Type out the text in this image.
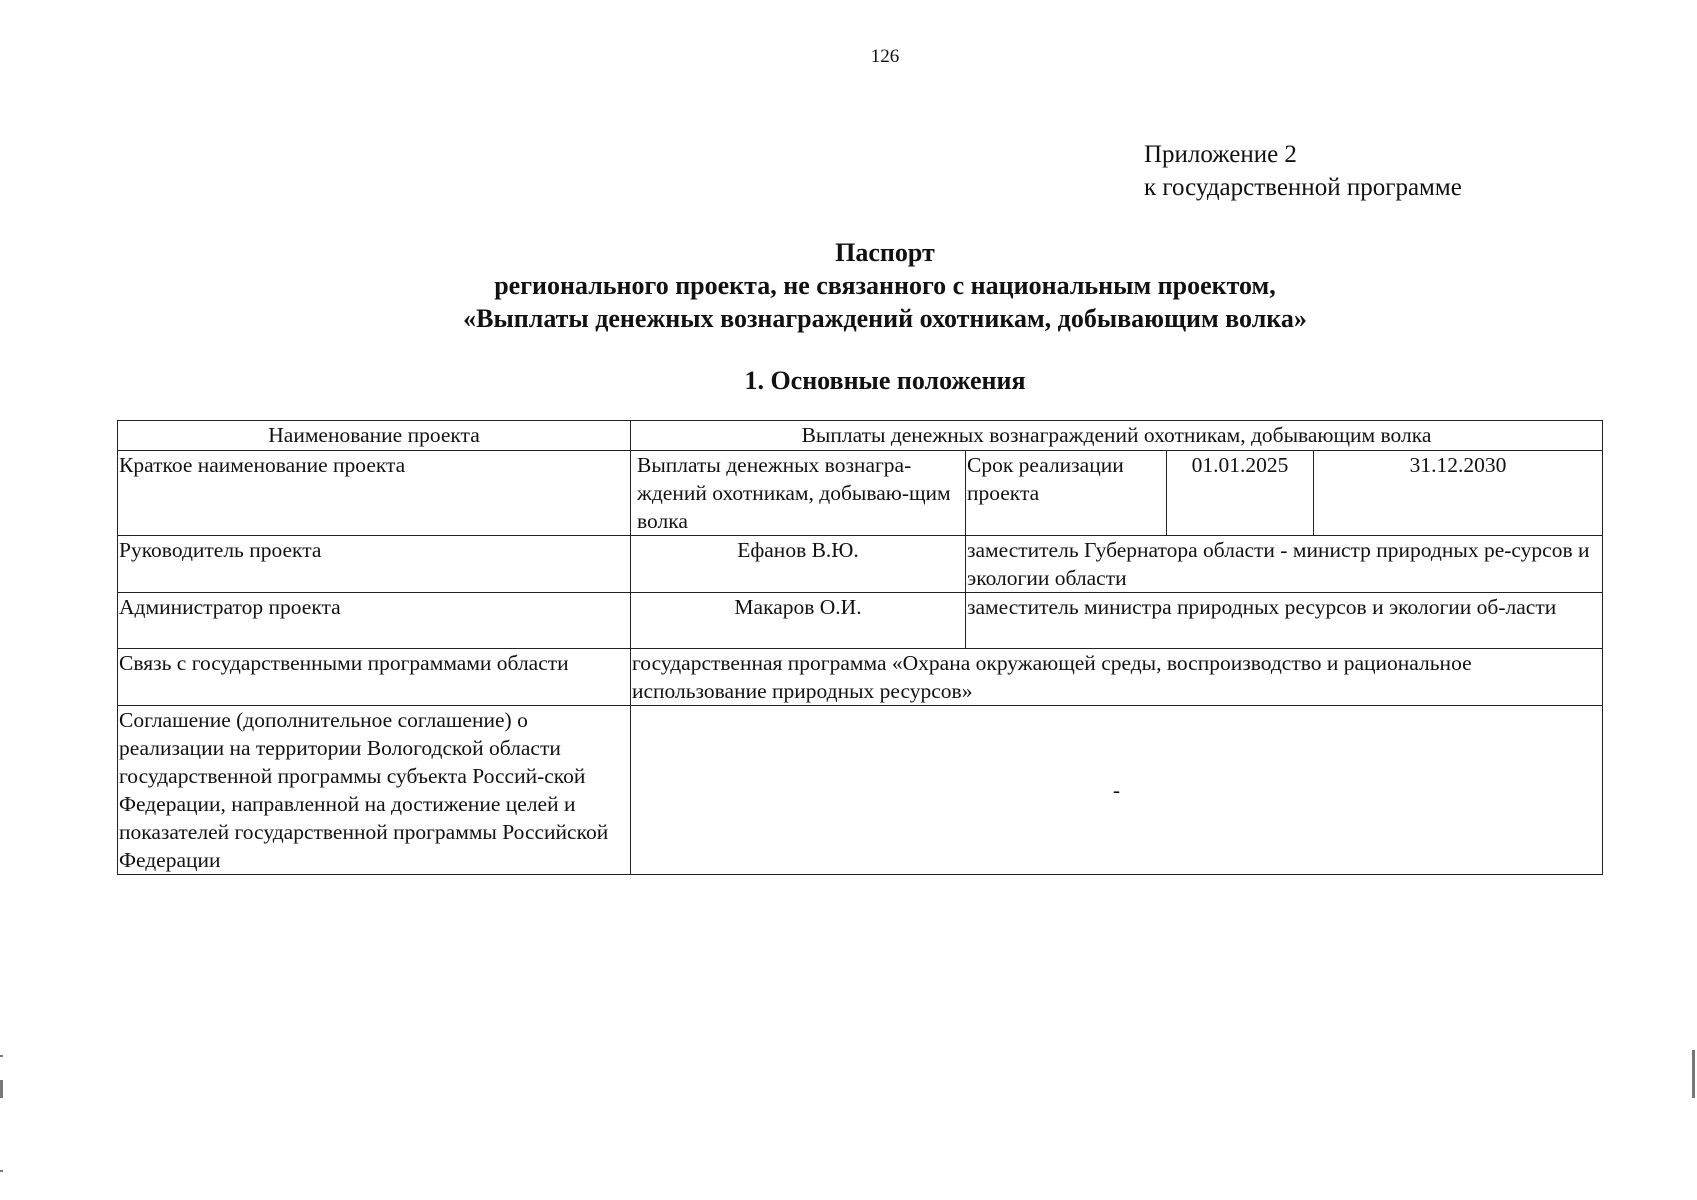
126
Приложение 2
к государственной программе
Паспорт
регионального проекта, не связанного с национальным проектом,
«Выплаты денежных вознаграждений охотникам, добывающим волка»
1. Основные положения
Наименование проекта	Выплаты денежных вознаграждений охотникам, добывающим волка			
Краткое наименование проекта	Выплаты денежных вознагра-ждений охотникам, добываю-щим волка	Срок реализации проекта	01.01.2025	31.12.2030
Руководитель проекта	Ефанов В.Ю.	заместитель Губернатора области - министр природных ре-сурсов и экологии области		
Администратор проекта	Макаров О.И.	заместитель министра природных ресурсов и экологии об-ласти		
Связь с государственными программами области	государственная программа «Охрана окружающей среды, воспроизводство и рациональное использование природных ресурсов»			
Соглашение (дополнительное соглашение) о реализации на территории Вологодской области государственной программы субъекта Россий-ской Федерации, направленной на достижение целей и показателей государственной программы Российской Федерации	-			
